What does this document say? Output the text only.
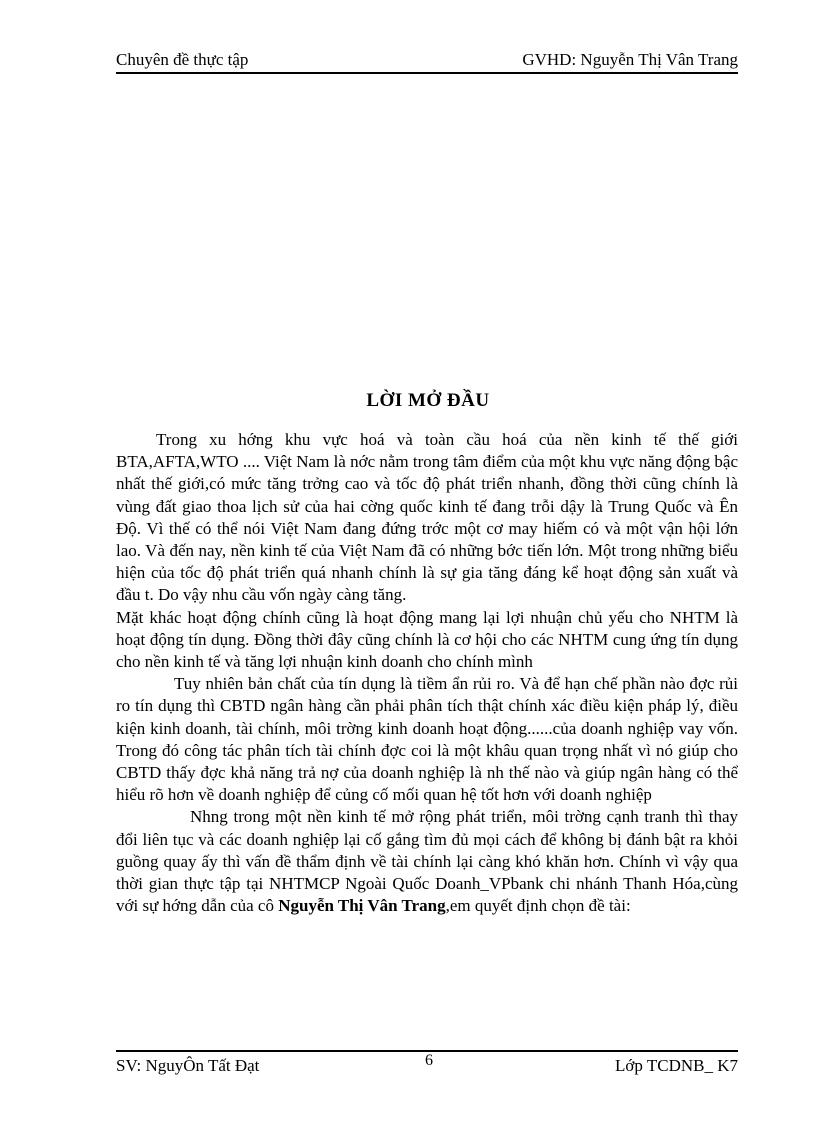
Chuyên đề thực tập	GVHD: Nguyễn Thị Vân Trang
LỜI MỞ ĐẦU

Trong xu hớng khu vực hoá và toàn cầu hoá của nền kinh tế thế giới BTA,AFTA,WTO .... Việt Nam là nớc nằm trong tâm điểm của một khu vực năng động bậc nhất thế giới,có mức tăng trởng cao và tốc độ phát triển nhanh, đồng thời cũng chính là vùng đất giao thoa lịch sử của hai cờng quốc kinh tế đang trỗi dậy là Trung Quốc và Ên Độ. Vì thế có thể nói Việt Nam đang đứng trớc một cơ may hiếm có và một vận hội lớn lao. Và đến nay, nền kinh tế của Việt Nam đã có những bớc tiến lớn. Một trong những biểu hiện của tốc độ phát triển quá nhanh chính là sự gia tăng đáng kể hoạt động sản xuất và đầu t. Do vậy nhu cầu vốn ngày càng tăng.

Mặt khác hoạt động chính cũng là hoạt động mang lại lợi nhuận chủ yếu cho NHTM là hoạt động tín dụng. Đồng thời đây cũng chính là cơ hội cho các NHTM cung ứng tín dụng cho nền kinh tế và tăng lợi nhuận kinh doanh cho chính mình

Tuy nhiên bản chất của tín dụng là tiềm ẩn rủi ro. Và để hạn chế phần nào đợc rủi ro tín dụng thì CBTD ngân hàng cần phải phân tích thật chính xác điều kiện pháp lý, điều kiện kinh doanh, tài chính, môi trờng kinh doanh hoạt động......của doanh nghiệp vay vốn. Trong đó công tác phân tích tài chính đợc coi là một khâu quan trọng nhất vì nó giúp cho CBTD thấy đợc khả năng trả nợ của doanh nghiệp là nh thế nào và giúp ngân hàng có thể hiểu rõ hơn về doanh nghiệp để củng cố mối quan hệ tốt hơn với doanh nghiệp

Nhng trong một nền kinh tế mở rộng phát triển, môi trờng cạnh tranh thì thay đổi liên tục và các doanh nghiệp lại cố gắng tìm đủ mọi cách để không bị đánh bật ra khỏi guồng quay ấy thì vấn đề thẩm định về tài chính lại càng khó khăn hơn. Chính vì vậy qua thời gian thực tập tại NHTMCP Ngoài Quốc Doanh_VPbank chi nhánh Thanh Hóa,cùng với sự hớng dẫn của cô Nguyễn Thị Vân Trang,em quyết định chọn đề tài:

SV: NguyÔn Tất Đạt	6	Lớp TCDNB_ K7
